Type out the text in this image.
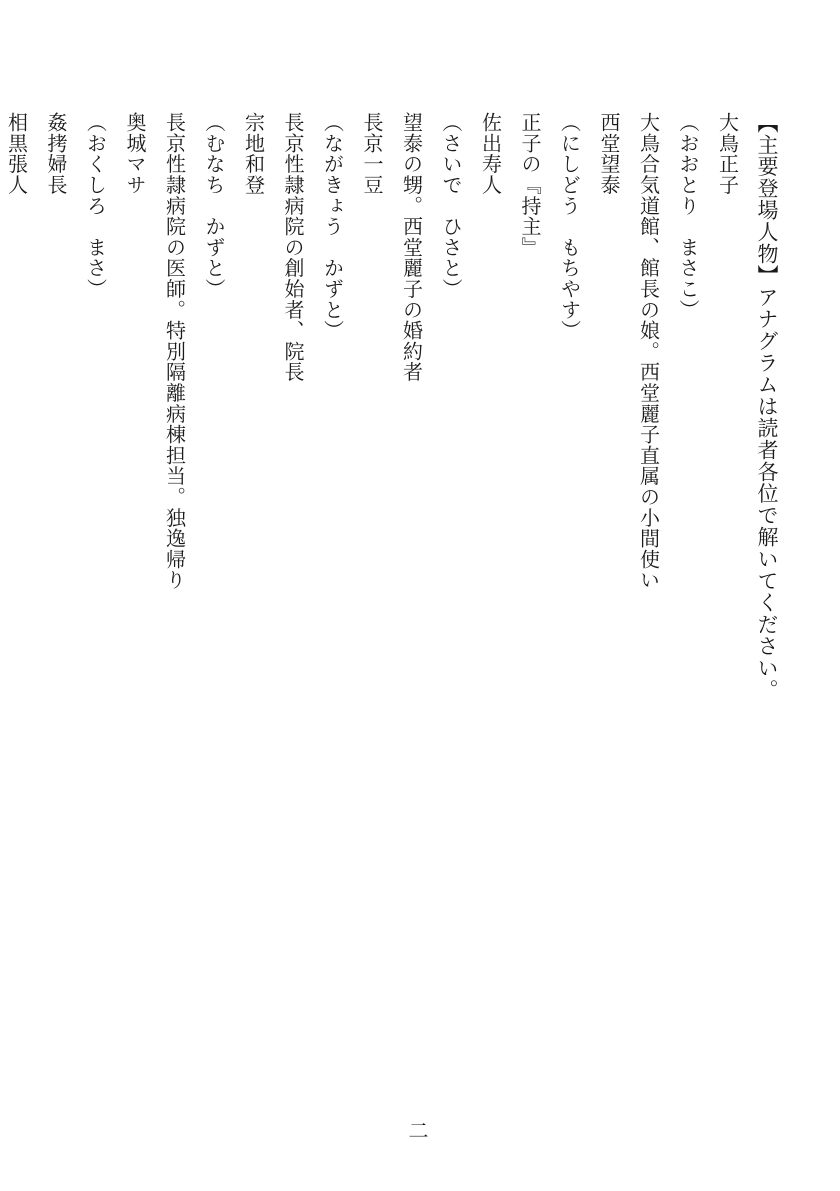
【主要登場人物】アナグラムは読者各位で解いてください。
大鳥正子
（おおとり　まさこ）
大鳥合気道館、館長の娘。西堂麗子直属の小間使い
西堂望泰
（にしどう　もちやす）
正子の『持主』
佐出寿人
（さいで　ひさと）
望泰の甥。西堂麗子の婚約者
長京一豆
（ながきょう　かずと）
長京性隷病院の創始者、院長
宗地和登
（むなち　かずと）
長京性隷病院の医師。特別隔離病棟担当。独逸帰り
奥城マサ
（おくしろ　まさ）
姦拷婦長
相黒張人
二
